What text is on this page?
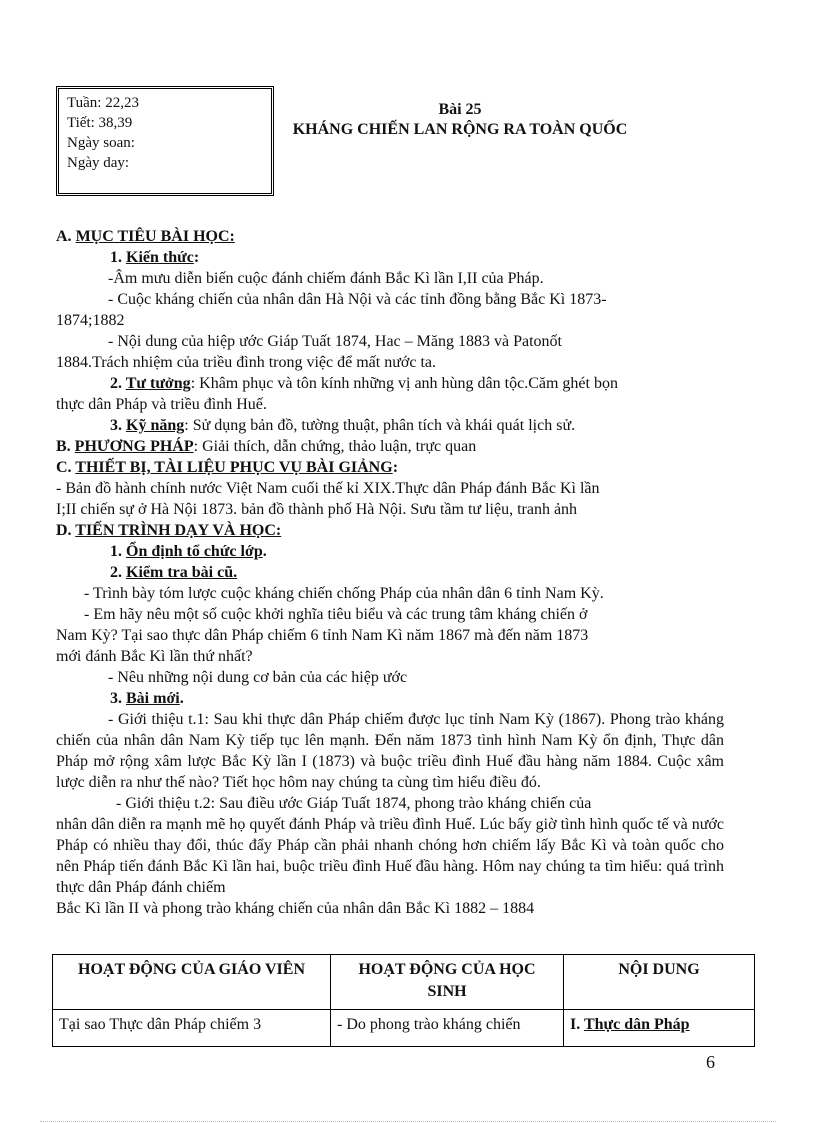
Tuần: 22,23
Tiết: 38,39
Ngày soan:
Ngày day:
Bài 25
KHÁNG CHIẾN LAN RỘNG RA TOÀN QUỐC

A. MỤC TIÊU BÀI HỌC:

1. Kiến thức:

-Âm mưu diễn biến cuộc đánh chiếm đánh Bắc Kì lần I,II của Pháp.

- Cuộc kháng chiến của nhân dân Hà Nội và các tỉnh đồng bằng Bắc Kì 1873-

1874;1882

- Nội dung của hiệp ước Giáp Tuất 1874, Hac – Măng 1883 và Patonốt

1884.Trách nhiệm của triều đình trong việc để mất nước ta.

2. Tư tưởng: Khâm phục và tôn kính những vị anh hùng dân tộc.Căm ghét bọn

thực dân Pháp và triều đình Huế.

3. Kỹ năng: Sử dụng bản đồ, tường thuật, phân tích và khái quát lịch sử.

B. PHƯƠNG PHÁP: Giải thích, dẫn chứng, thảo luận, trực quan

C. THIẾT BỊ, TÀI LIỆU PHỤC VỤ BÀI GIẢNG:

- Bản đồ hành chính nước Việt Nam cuối thế kỉ XIX.Thực dân Pháp đánh Bắc Kì lần

I;II chiến sự ở Hà Nội 1873. bản đồ thành phố Hà Nội. Sưu tầm tư liệu, tranh ảnh

D. TIẾN TRÌNH DẠY VÀ HỌC:

1. Ổn định tổ chức lớp.

2. Kiểm tra bài cũ.

- Trình bày tóm lược cuộc kháng chiến chống Pháp của nhân dân 6 tỉnh Nam Kỳ.

- Em hãy nêu một số cuộc khởi nghĩa tiêu biểu và các trung tâm kháng chiến ở

Nam Kỳ? Tại sao thực dân Pháp chiếm 6 tỉnh Nam Kì năm 1867 mà đến năm 1873

mới đánh Bắc Kì lần thứ nhất?

- Nêu những nội dung cơ bản của các hiệp ước

3. Bài mới.

- Giới thiệu t.1: Sau khi thực dân Pháp chiếm được lục tỉnh Nam Kỳ (1867). Phong trào kháng chiến của nhân dân Nam Kỳ tiếp tục lên mạnh. Đến năm 1873 tình hình Nam Kỳ ổn định, Thực dân Pháp mở rộng xâm lược Bắc Kỳ lần I (1873) và buộc triều đình Huế đầu hàng năm 1884. Cuộc xâm lược diễn ra như thế nào? Tiết học hôm nay chúng ta cùng tìm hiểu điều đó.

- Giới thiệu t.2: Sau điều ước Giáp Tuất 1874, phong trào kháng chiến của

nhân dân diễn ra mạnh mẽ họ quyết đánh Pháp và triều đình Huế. Lúc bấy giờ tình hình quốc tế và nước Pháp có nhiều thay đổi, thúc đẩy Pháp cần phải nhanh chóng hơn chiếm lấy Bắc Kì và toàn quốc cho nên Pháp tiến đánh Bắc Kì lần hai, buộc triều đình Huế đầu hàng. Hôm nay chúng ta tìm hiểu: quá trình thực dân Pháp đánh chiếm

Bắc Kì lần II và phong trào kháng chiến của nhân dân Bắc Kì 1882 – 1884

HOẠT ĐỘNG CỦA GIÁO VIÊN	HOẠT ĐỘNG CỦA HỌC SINH	NỘI DUNG
Tại sao Thực dân Pháp chiếm 3	- Do phong trào kháng chiến	I. Thực dân Pháp
6
